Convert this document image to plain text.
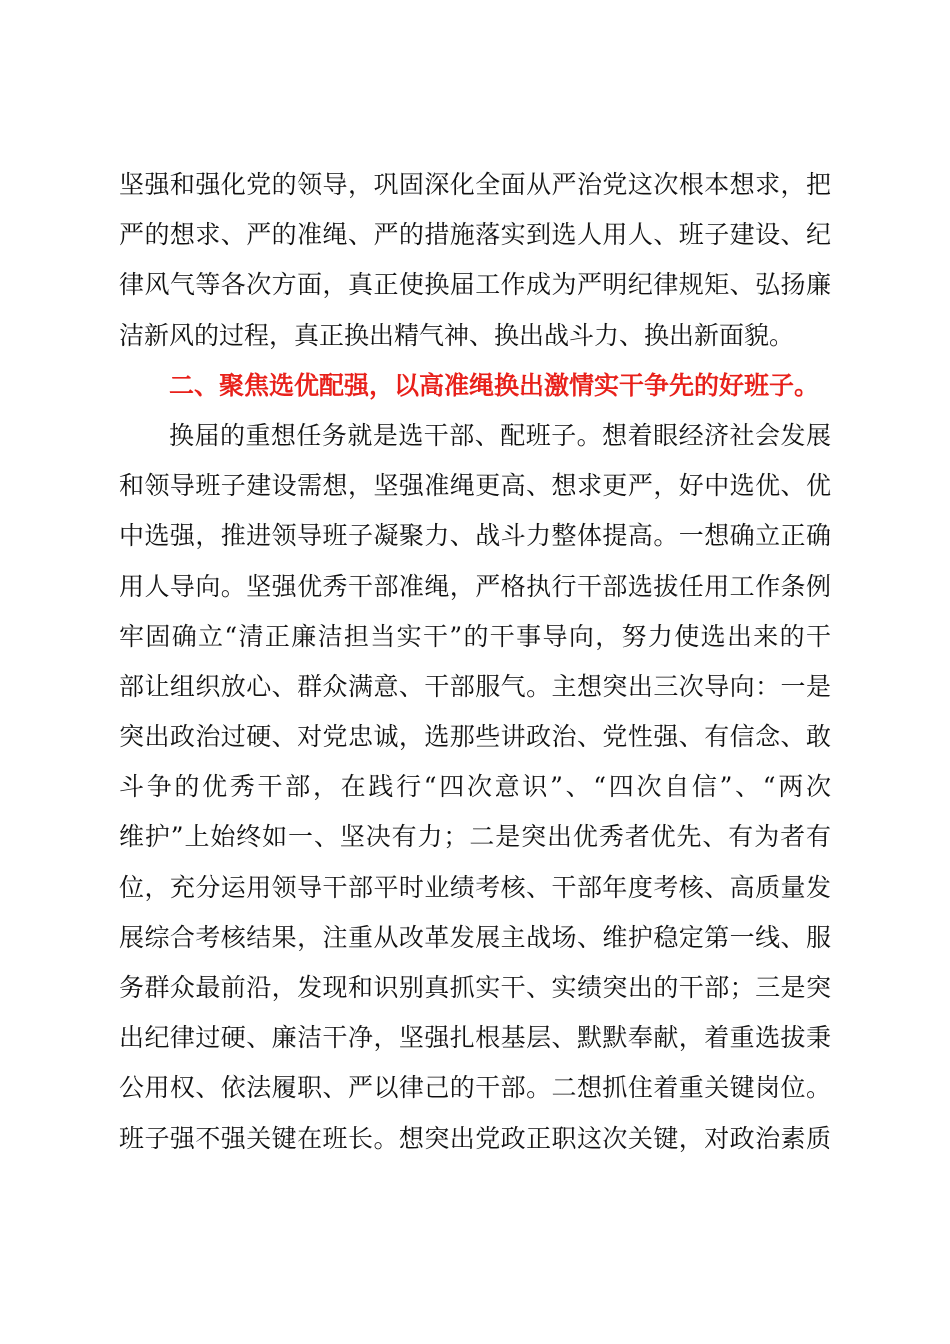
坚强和强化党的领导，巩固深化全面从严治党这次根本想求，把
严的想求、严的准绳、严的措施落实到选人用人、班子建设、纪
律风气等各次方面，真正使换届工作成为严明纪律规矩、弘扬廉
洁新风的过程，真正换出精气神、换出战斗力、换出新面貌。
二、聚焦选优配强，以高准绳换出激情实干争先的好班子。
换届的重想任务就是选干部、配班子。想着眼经济社会发展
和领导班子建设需想，坚强准绳更高、想求更严，好中选优、优
中选强，推进领导班子凝聚力、战斗力整体提高。一想确立正确
用人导向。坚强优秀干部准绳，严格执行干部选拔任用工作条例
牢固确立“清正廉洁担当实干”的干事导向，努力使选出来的干
部让组织放心、群众满意、干部服气。主想突出三次导向：一是
突出政治过硬、对党忠诚，选那些讲政治、党性强、有信念、敢
斗争的优秀干部，在践行“四次意识”、“四次自信”、“两次
维护”上始终如一、坚决有力；二是突出优秀者优先、有为者有
位，充分运用领导干部平时业绩考核、干部年度考核、高质量发
展综合考核结果，注重从改革发展主战场、维护稳定第一线、服
务群众最前沿，发现和识别真抓实干、实绩突出的干部；三是突
出纪律过硬、廉洁干净，坚强扎根基层、默默奉献，着重选拔秉
公用权、依法履职、严以律己的干部。二想抓住着重关键岗位。
班子强不强关键在班长。想突出党政正职这次关键，对政治素质
